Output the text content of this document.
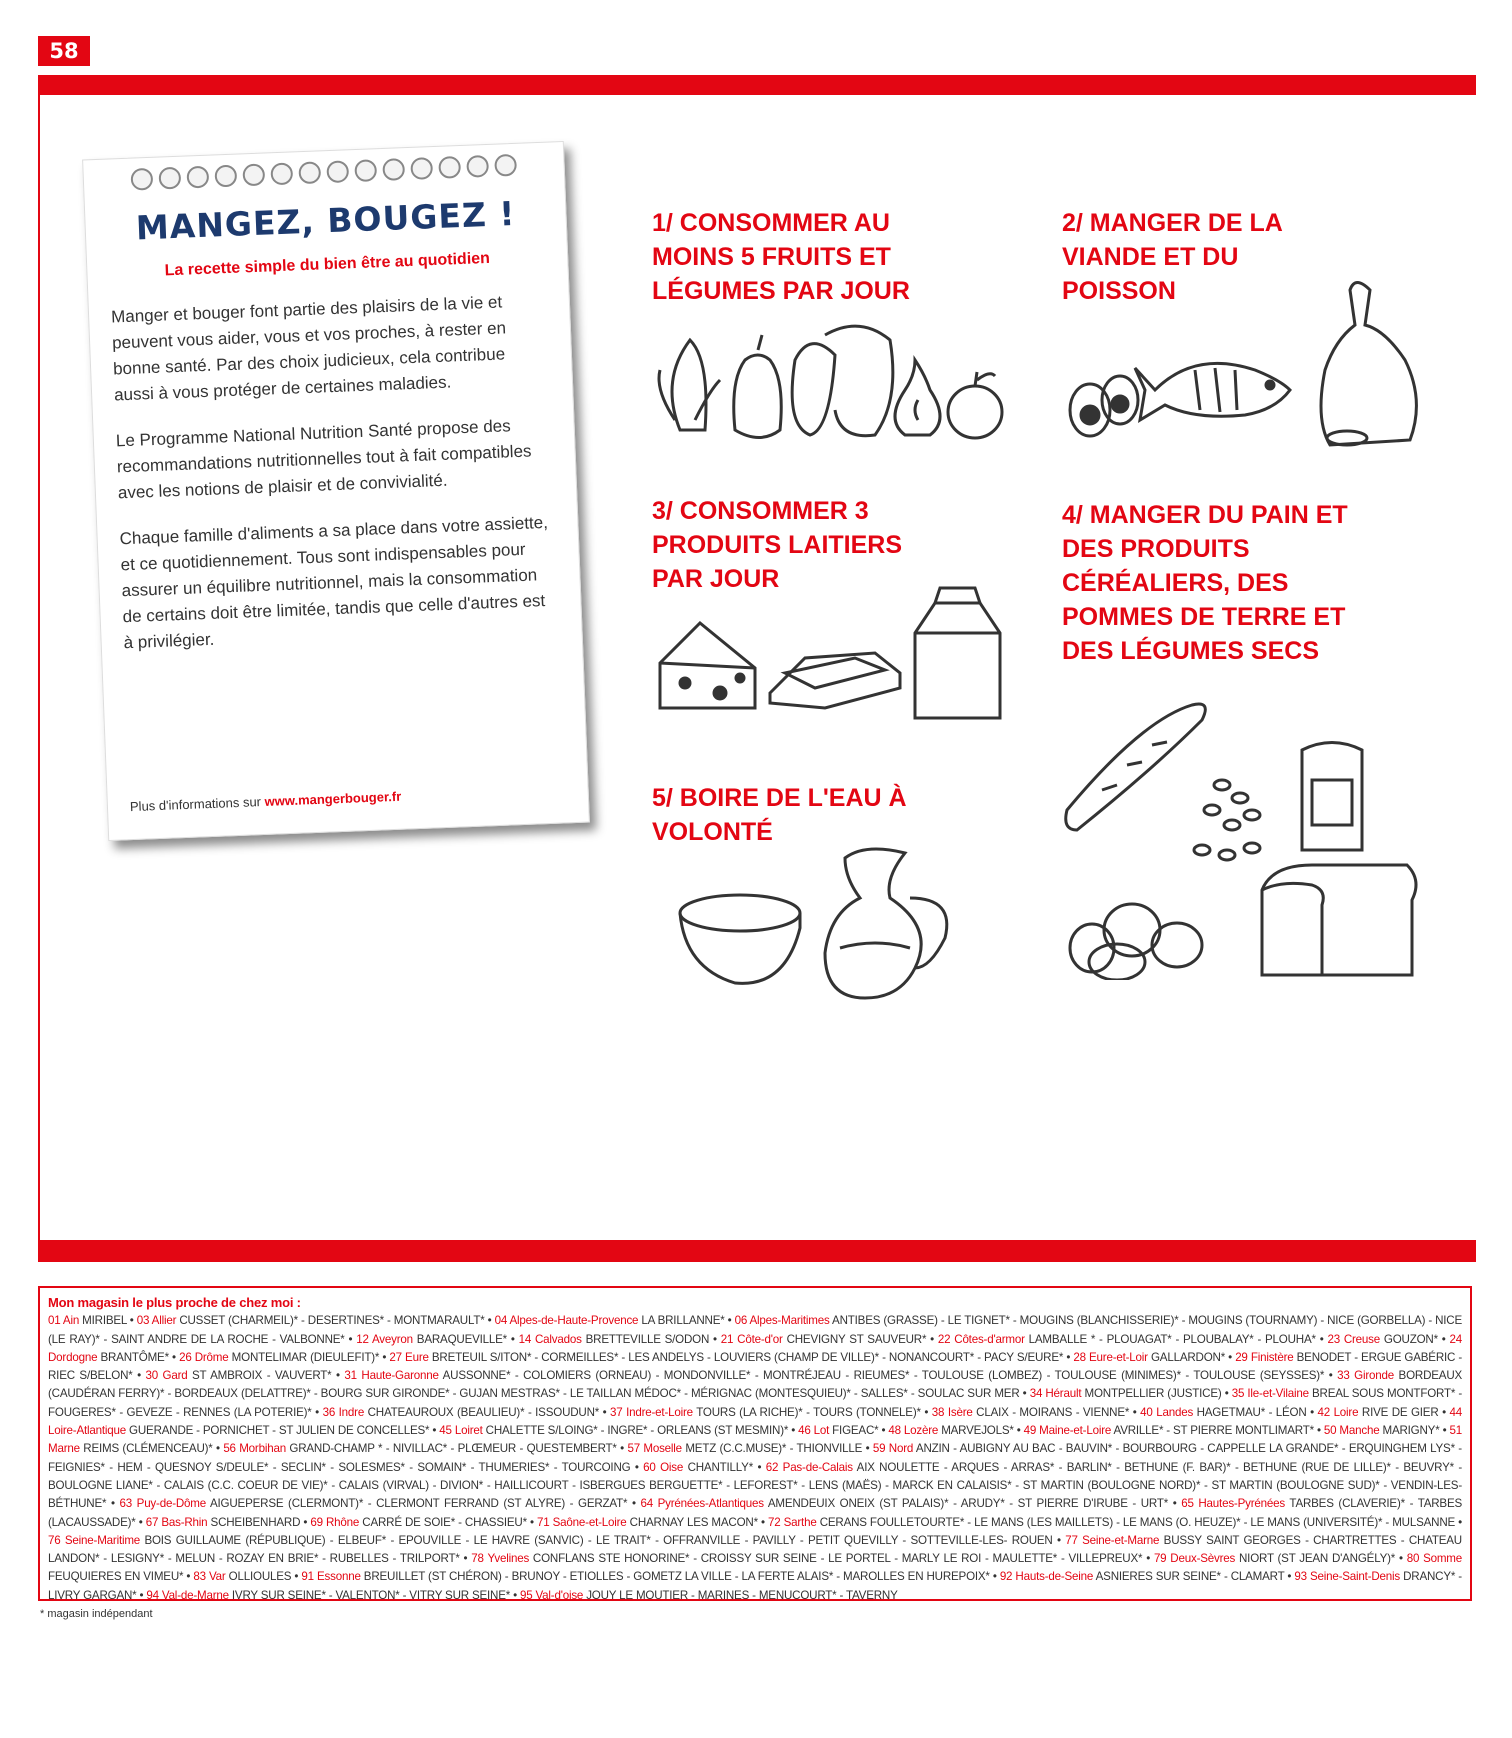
58
MANGEZ, BOUGEZ !
La recette simple du bien être au quotidien

Manger et bouger font partie des plaisirs de la vie et peuvent vous aider, vous et vos proches, à rester en bonne santé. Par des choix judicieux, cela contribue aussi à vous protéger de certaines maladies.

Le Programme National Nutrition Santé propose des recommandations nutritionnelles tout à fait compatibles avec les notions de plaisir et de convivialité.

Chaque famille d'aliments a sa place dans votre assiette, et ce quotidiennement. Tous sont indispensables pour assurer un équilibre nutritionnel, mais la consommation de certains doit être limitée, tandis que celle d'autres est à privilégier.

Plus d'informations sur www.mangerbouger.fr
1/ CONSOMMER AU MOINS 5 FRUITS ET LÉGUMES PAR JOUR
2/ MANGER DE LA VIANDE ET DU POISSON
3/ CONSOMMER 3 PRODUITS LAITIERS PAR JOUR
4/ MANGER DU PAIN ET DES PRODUITS CÉRÉALIERS, DES POMMES DE TERRE ET DES LÉGUMES SECS
5/ BOIRE DE L'EAU À VOLONTÉ
Mon magasin le plus proche de chez moi :
01 Ain MIRIBEL • 03 Allier CUSSET (CHARMEIL)* - DESERTINES* - MONTMARAULT* • 04 Alpes-de-Haute-Provence LA BRILLANNE* • 06 Alpes-Maritimes ANTIBES (GRASSE) - LE TIGNET* - MOUGINS (BLANCHISSERIE)* - MOUGINS (TOURNAMY) - NICE (GORBELLA) - NICE (LE RAY)* - SAINT ANDRE DE LA ROCHE - VALBONNE* • 12 Aveyron BARAQUEVILLE* • 14 Calvados BRETTEVILLE S/ODON • 21 Côte-d'or CHEVIGNY ST SAUVEUR* • 22 Côtes-d'armor LAMBALLE * - PLOUAGAT* - PLOUBALAY* - PLOUHA* • 23 Creuse GOUZON* • 24 Dordogne BRANTÔME* • 26 Drôme MONTELIMAR (DIEULEFIT)* • 27 Eure BRETEUIL S/ITON* - CORMEILLES* - LES ANDELYS - LOUVIERS (CHAMP DE VILLE)* - NONANCOURT* - PACY S/EURE* • 28 Eure-et-Loir GALLARDON* • 29 Finistère BENODET - ERGUE GABÉRIC - RIEC S/BELON* • 30 Gard ST AMBROIX - VAUVERT* • 31 Haute-Garonne AUSSONNE* - COLOMIERS (ORNEAU) - MONDONVILLE* - MONTRÉJEAU - RIEUMES* - TOULOUSE (LOMBEZ) - TOULOUSE (MINIMES)* - TOULOUSE (SEYSSES)* • 33 Gironde BORDEAUX (CAUDÉRAN FERRY)* - BORDEAUX (DELATTRE)* - BOURG SUR GIRONDE* - GUJAN MESTRAS* - LE TAILLAN MÉDOC* - MÉRIGNAC (MONTESQUIEU)* - SALLES* - SOULAC SUR MER • 34 Hérault MONTPELLIER (JUSTICE) • 35 Ile-et-Vilaine BREAL SOUS MONTFORT* - FOUGERES* - GEVEZE - RENNES (LA POTERIE)* • 36 Indre CHATEAUROUX (BEAULIEU)* - ISSOUDUN* • 37 Indre-et-Loire TOURS (LA RICHE)* - TOURS (TONNELE)* • 38 Isère CLAIX - MOIRANS - VIENNE* • 40 Landes HAGETMAU* - LÉON • 42 Loire RIVE DE GIER • 44 Loire-Atlantique GUERANDE - PORNICHET - ST JULIEN DE CONCELLES* • 45 Loiret CHALETTE S/LOING* - INGRE* - ORLEANS (ST MESMIN)* • 46 Lot FIGEAC* • 48 Lozère MARVEJOLS* • 49 Maine-et-Loire AVRILLE* - ST PIERRE MONTLIMART* • 50 Manche MARIGNY* • 51 Marne REIMS (CLÉMENCEAU)* • 56 Morbihan GRAND-CHAMP * - NIVILLAC* - PLŒMEUR - QUESTEMBERT* • 57 Moselle METZ (C.C.MUSE)* - THIONVILLE • 59 Nord ANZIN - AUBIGNY AU BAC - BAUVIN* - BOURBOURG - CAPPELLE LA GRANDE* - ERQUINGHEM LYS* - FEIGNIES* - HEM - QUESNOY S/DEULE* - SECLIN* - SOLESMES* - SOMAIN* - THUMERIES* - TOURCOING • 60 Oise CHANTILLY* • 62 Pas-de-Calais AIX NOULETTE - ARQUES - ARRAS* - BARLIN* - BETHUNE (F. BAR)* - BETHUNE (RUE DE LILLE)* - BEUVRY* - BOULOGNE LIANE* - CALAIS (C.C. COEUR DE VIE)* - CALAIS (VIRVAL) - DIVION* - HAILLICOURT - ISBERGUES BERGUETTE* - LEFOREST* - LENS (MAËS) - MARCK EN CALAISIS* - ST MARTIN (BOULOGNE NORD)* - ST MARTIN (BOULOGNE SUD)* - VENDIN-LES-BÉTHUNE* • 63 Puy-de-Dôme AIGUEPERSE (CLERMONT)* - CLERMONT FERRAND (ST ALYRE) - GERZAT* • 64 Pyrénées-Atlantiques AMENDEUIX ONEIX (ST PALAIS)* - ARUDY* - ST PIERRE D'IRUBE - URT* • 65 Hautes-Pyrénées TARBES (CLAVERIE)* - TARBES (LACAUSSADE)* • 67 Bas-Rhin SCHEIBENHARD • 69 Rhône CARRÉ DE SOIE* - CHASSIEU* • 71 Saône-et-Loire CHARNAY LES MACON* • 72 Sarthe CERANS FOULLETOURTE* - LE MANS (LES MAILLETS) - LE MANS (O. HEUZE)* - LE MANS (UNIVERSITÉ)* - MULSANNE • 76 Seine-Maritime BOIS GUILLAUME (RÉPUBLIQUE) - ELBEUF* - EPOUVILLE - LE HAVRE (SANVIC) - LE TRAIT* - OFFRANVILLE - PAVILLY - PETIT QUEVILLY - SOTTEVILLE-LES- ROUEN • 77 Seine-et-Marne BUSSY SAINT GEORGES - CHARTRETTES - CHATEAU LANDON* - LESIGNY* - MELUN - ROZAY EN BRIE* - RUBELLES - TRILPORT* • 78 Yvelines CONFLANS STE HONORINE* - CROISSY SUR SEINE - LE PORTEL - MARLY LE ROI - MAULETTE* - VILLEPREUX* • 79 Deux-Sèvres NIORT (ST JEAN D'ANGÉLY)* • 80 Somme FEUQUIERES EN VIMEU* • 83 Var OLLIOULES • 91 Essonne BREUILLET (ST CHÉRON) - BRUNOY - ETIOLLES - GOMETZ LA VILLE - LA FERTE ALAIS* - MAROLLES EN HUREPOIX* • 92 Hauts-de-Seine ASNIERES SUR SEINE* - CLAMART • 93 Seine-Saint-Denis DRANCY* - LIVRY GARGAN* • 94 Val-de-Marne IVRY SUR SEINE* - VALENTON* - VITRY SUR SEINE* • 95 Val-d'oise JOUY LE MOUTIER - MARINES - MENUCOURT* - TAVERNY
* magasin indépendant
